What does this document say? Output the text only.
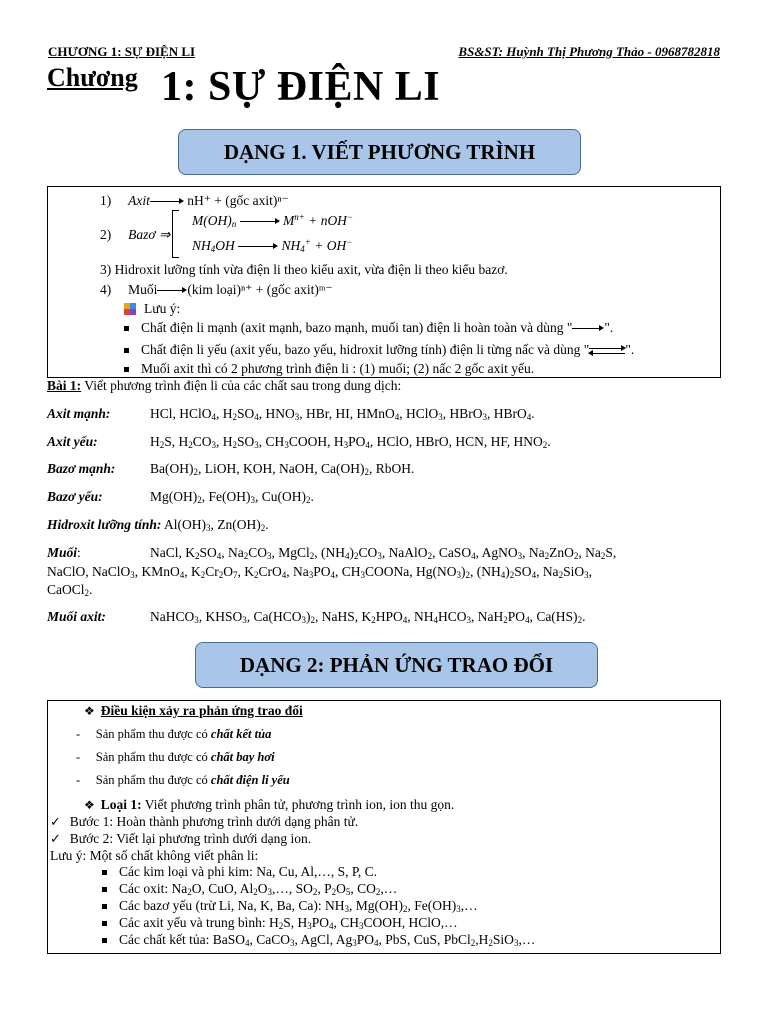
CHƯƠNG 1: SỰ ĐIỆN LI	BS&ST: Huỳnh Thị Phương Thảo - 0968782818
Chương 1: SỰ ĐIỆN LI
DẠNG 1. VIẾT PHƯƠNG TRÌNH
1) Axit	nH⁺ + (gốc axit)ⁿ⁻
2) Bazơ ⇒
$M(OH)_n$	$M^{n+} + nOH^-$
$NH_4OH$	$NH_4^+ + OH^-$
3) Hidroxit lưỡng tính vừa điện li theo kiểu axit, vừa điện li theo kiểu bazơ.
4) Muối (kim loại)ⁿ⁺ + (gốc axit)ᵐ⁻
Lưu ý:
Chất điện li mạnh (axit mạnh, bazo mạnh, muối tan) điện li hoàn toàn và dùng " ".
Chất điện li yếu (axit yếu, bazo yếu, hidroxit lưỡng tính) điện li từng nấc và dùng "⇌".
Muối axit thì có 2 phương trình điện li : (1) muối; (2) nấc 2 gốc axit yếu.
Bài 1: Viết phương trình điện li của các chất sau trong dung dịch:
Axit mạnh:	HCl, HClO$_4$, $H_2SO_4$, $HNO_3$, HBr, HI, HMnO$_4$, HClO$_3$, HBrO$_3$, HBrO$_4$.
Axit yếu:	$H_2S$, $H_2CO_3$, $H_2SO_3$, $CH_3COOH$, $H_3PO_4$, HClO, HBrO, HCN, HF, $HNO_2$.
Bazơ mạnh:	$Ba(OH)_2$, LiOH, KOH, NaOH, $Ca(OH)_2$, RbOH.
Bazơ yếu:	$Mg(OH)_2$, $Fe(OH)_3$, $Cu(OH)_2$.
Hidroxit lưỡng tính: $Al(OH)_3$, $Zn(OH)_2$.
Muối:	NaCl, $K_2SO_4$, $Na_2CO_3$, MgCl$_2$, $(NH_4)_2CO_3$, NaAlO$_2$, CaSO$_4$, AgNO$_3$, $Na_2ZnO_2$, $Na_2S$,
NaClO, NaClO$_3$, KMnO$_4$, $K_2Cr_2O_7$, $K_2CrO_4$, $Na_3PO_4$, $CH_3COONa$, $Hg(NO_3)_2$, $(NH_4)_2SO_4$, $Na_2SiO_3$,
CaOCl$_2$.
Muối axit:	NaHCO$_3$, $KHSO_3$, $Ca(HCO_3)_2$, NaHS, $K_2HPO_4$, $NH_4HCO_3$, $NaH_2PO_4$, $Ca(HS)_2$.
DẠNG 2: PHẢN ỨNG TRAO ĐỔI
❖ Điều kiện xảy ra phản ứng trao đổi
-     Sản phẩm thu được có chất kết tủa
-     Sản phẩm thu được có chất bay hơi
-     Sản phẩm thu được có chất điện li yếu
❖ Loại 1: Viết phương trình phân tử, phương trình ion, ion thu gọn.
✓ Bước 1: Hoàn thành phương trình dưới dạng phân tử.
✓ Bước 2: Viết lại phương trình dưới dạng ion.
Lưu ý: Một số chất không viết phân li:
Các kim loại và phi kim: Na, Cu, Al,…, S, P, C.
Các oxit: $Na_2O$, CuO, $Al_2O_3,\dots$, $SO_2$, $P_2O_5$, $CO_2,\dots$
Các bazơ yếu (trừ Li, Na, K, Ba, Ca): $NH_3$, $Mg(OH)_2$, $Fe(OH)_3,\dots$
Các axit yếu và trung bình: $H_2S$, $H_3PO_4$, $CH_3COOH$, HClO,…
Các chất kết tủa: BaSO$_4$, CaCO$_3$, AgCl, $Ag_3PO_4$, PbS, CuS, $PbCl_2,H_2SiO_3,\dots$
